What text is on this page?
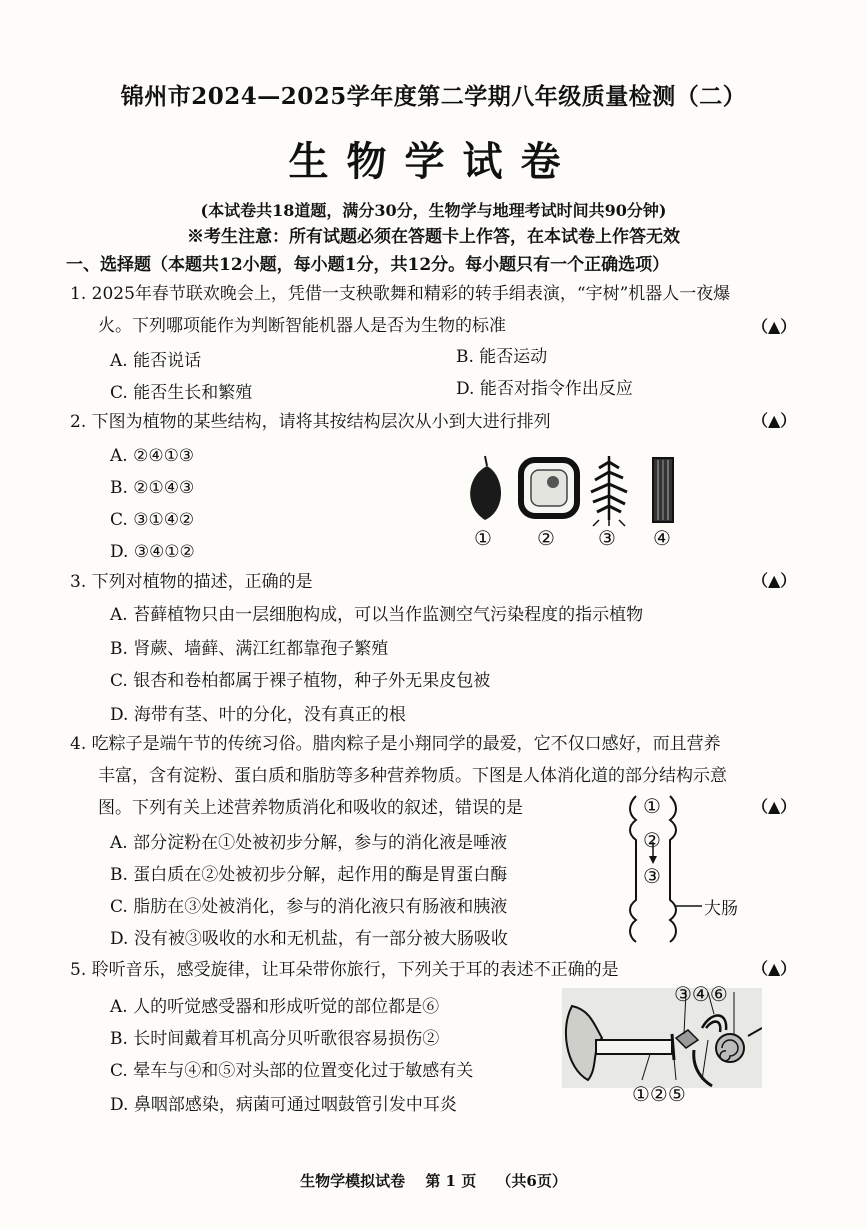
锦州市2024—2025学年度第二学期八年级质量检测（二）
生物学试卷
(本试卷共18道题，满分30分，生物学与地理考试时间共90分钟)
※考生注意：所有试题必须在答题卡上作答，在本试卷上作答无效
一、选择题（本题共12小题，每小题1分，共12分。每小题只有一个正确选项）
1. 2025年春节联欢晚会上，凭借一支秧歌舞和精彩的转手绢表演，“宇树”机器人一夜爆
火。下列哪项能作为判断智能机器人是否为生物的标准	（▲）
A. 能否说话	B. 能否运动
C. 能否生长和繁殖	D. 能否对指令作出反应
2. 下图为植物的某些结构，请将其按结构层次从小到大进行排列	（▲）
A. ②④①③
B. ②①④③
C. ③①④②
D. ③④①②
① ② ③ ④
3. 下列对植物的描述，正确的是	（▲）
A. 苔藓植物只由一层细胞构成，可以当作监测空气污染程度的指示植物
B. 肾蕨、墙藓、满江红都靠孢子繁殖
C. 银杏和卷柏都属于裸子植物，种子外无果皮包被
D. 海带有茎、叶的分化，没有真正的根
4. 吃粽子是端午节的传统习俗。腊肉粽子是小翔同学的最爱，它不仅口感好，而且营养
丰富，含有淀粉、蛋白质和脂肪等多种营养物质。下图是人体消化道的部分结构示意
图。下列有关上述营养物质消化和吸收的叙述，错误的是	（▲）
A. 部分淀粉在①处被初步分解，参与的消化液是唾液
B. 蛋白质在②处被初步分解，起作用的酶是胃蛋白酶
C. 脂肪在③处被消化，参与的消化液只有肠液和胰液
D. 没有被③吸收的水和无机盐，有一部分被大肠吸收
①
②
③
大肠
5. 聆听音乐，感受旋律，让耳朵带你旅行，下列关于耳的表述不正确的是	（▲）
A. 人的听觉感受器和形成听觉的部位都是⑥
B. 长时间戴着耳机高分贝听歌很容易损伤②
C. 晕车与④和⑤对头部的位置变化过于敏感有关
D. 鼻咽部感染，病菌可通过咽鼓管引发中耳炎
③④⑥
①②⑤
生物学模拟试卷　 第 1 页　 （共6页）
